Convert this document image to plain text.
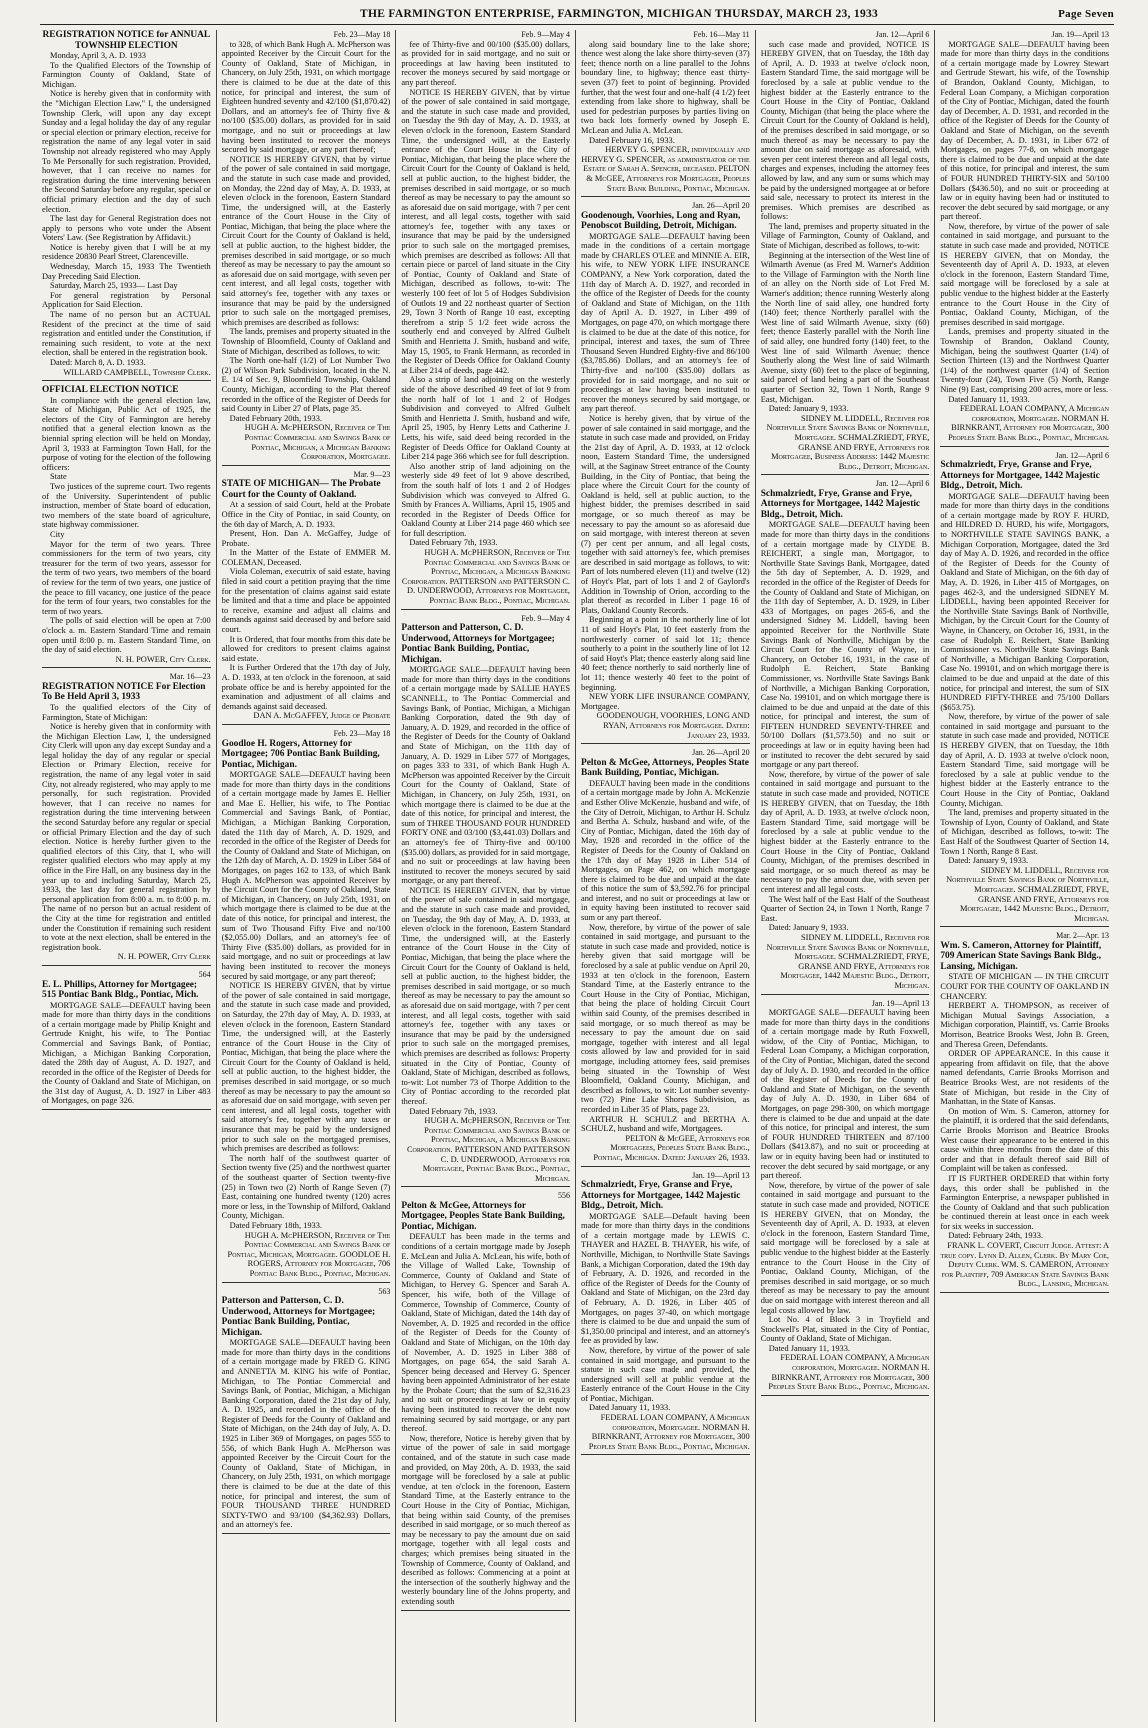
THE FARMINGTON ENTERPRISE, FARMINGTON, MICHIGAN THURSDAY, MARCH 23, 1933	Page Seven
REGISTRATION NOTICE for ANNUAL TOWNSHIP ELECTION

Monday, April 3, A. D. 1933

To the Qualified Electors of the Township of Farmington County of Oakland, State of Michigan.

Notice is hereby given that in conformity with the "Michigan Election Law," I, the undersigned Township Clerk, will upon any day except Sunday and a legal holiday the day of any regular or special election or primary election, receive for registration the name of any legal voter in said Township not already registered who may Apply To Me Personally for such registration. Provided, however, that I can receive no names for registration during the time intervening between the Second Saturday before any regular, special or official primary election and the day of such election.

The last day for General Registration does not apply to persons who vote under the Absent Voters' Law. (See Registration by Affidavit.)

Notice is hereby given that I will be at my residence 20830 Pearl Street, Clarenceville.

Wednesday, March 15, 1933 The Twentieth Day Preceding Said Election.

Saturday, March 25, 1933— Last Day

For general registration by Personal Application for Said Election.

The name of no person but an ACTUAL Resident of the precinct at the time of said registration and entitled under the Constitution, if remaining such resident, to vote at the next election, shall be entered in the registration book.

Dated: March 8, A. D. 1933.

WILLARD CAMPBELL, Township Clerk.

OFFICIAL ELECTION NOTICE

In compliance with the general election law, State of Michigan, Public Act of 1925, the electors of the City of Farmington are hereby notified that a general election known as the biennial spring election will be held on Monday, April 3, 1933 at Farmington Town Hall, for the purpose of voting for the election of the following officers:

State

Two justices of the supreme court. Two regents of the University. Superintendent of public instruction, member of State board of education, two members of the state board of agriculture, state highway commissioner.

City

Mayor for the term of two years. Three commissioners for the term of two years, city treasurer for the term of two years, assessor for the term of two years, two members of the board of review for the term of two years, one justice of the peace to fill vacancy, one justice of the peace for the term of four years, two constables for the term of two years.

The polls of said election will be open at 7:00 o'clock a. m. Eastern Standard Time and remain open until 8:00 p. m. Eastern Standard Time, on the day of said election.

N. H. POWER, City Clerk.

Mar. 16—23

REGISTRATION NOTICE For Election To Be Held April 3, 1933

To the qualified electors of the City of Farmington, State of Michigan:

Notice is hereby given that in conformity with the Michigan Election Law, I, the undersigned City Clerk will upon any day except Sunday and a legal holiday the day of any regular or special Election or Primary Election, receive for registration, the name of any legal voter in said City, not already registered, who may apply to me personally, for such registration. Provided however, that I can receive no names for registration during the time intervening between the second Saturday before any regular or special or official Primary Election and the day of such election. Notice is hereby further given to the qualified electors of this City, that I, who will register qualified electors who may apply at my office in the Fire Hall, on any business day in the year up to and including Saturday, March 25, 1933, the last day for general registration by personal application from 8:00 a. m. to 8:00 p. m. The name of no person but an actual resident of the City at the time for registration and entitled under the Constitution if remaining such resident to vote at the next election, shall be entered in the registration book.

N. H. POWER, City Clerk

564

E. L. Phillips, Attorney for Mortgagee; 515 Pontiac Bank Bldg., Pontiac, Mich.

MORTGAGE SALE—DEFAULT having been made for more than thirty days in the conditions of a certain mortgage made by Philip Knight and Gertrude Knight, his wife, to The Pontiac Commercial and Savings Bank, of Pontiac, Michigan, a Michigan Banking Corporation, dated the 28th day of August, A. D. 1927, and recorded in the office of the Register of Deeds for the County of Oakland and State of Michigan, on the 31st day of August, A. D. 1927 in Liber 483 of Mortgages, on page 326.

Feb. 23—May 18

to 328, of which Bank Hugh A. McPherson was appointed Receiver by the Circuit Court for the County of Oakland, State of Michigan, in Chancery, on July 25th, 1931, on which mortgage there is claimed to be due at the date of this notice, for principal and interest, the sum of Eighteen hundred seventy and 42/100 ($1,870.42) Dollars, and an attorney's fee of Thirty five & no/100 ($35.00) dollars, as provided for in said mortgage, and no suit or proceedings at law having been instituted to recover the moneys secured by said mortgage, or any part thereof;

NOTICE IS HEREBY GIVEN, that by virtue of the power of sale contained in said mortgage, and the statute in such case made and provided, on Monday, the 22nd day of May, A. D. 1933, at eleven o'clock in the forenoon, Eastern Standard Time, the undersigned will, at the Easterly entrance of the Court House in the City of Pontiac, Michigan, that being the place where the Circuit Court for the County of Oakland is held, sell at public auction, to the highest bidder, the premises described in said mortgage, or so much thereof as may be necessary to pay the amount so as aforesaid due on said mortgage, with seven per cent interest, and all legal costs, together with said attorney's fee, together with any taxes or insurance that may be paid by the undersigned prior to such sale on the mortgaged premises, which premises are described as follows:

The lands, premises and property situated in the Township of Bloomfield, County of Oakland and State of Michigan, described as follows, to wit:

The North one-half (1/2) of Lot Number Two (2) of Wilson Park Subdivision, located in the N. E. 1/4 of Sec. 9, Bloomfield Township, Oakland County, Michigan, according to the Plat thereof recorded in the office of the Register of Deeds for said County in Liber 27 of Plats, page 35.

Dated February 20th, 1933.

HUGH A. McPHERSON, Receiver of The Pontiac Commercial and Savings Bank of Pontiac, Michigan, a Michigan Banking Corporation, Mortgagee.

Mar. 9—23

STATE OF MICHIGAN— The Probate Court for the County of Oakland.

At a session of said Court, held at the Probate Office in the City of Pontiac, in said County, on the 6th day of March, A. D. 1933.

Present, Hon. Dan A. McGaffey, Judge of Probate.

In the Matter of the Estate of EMMER M. COLEMAN, Deceased.

Viola Coleman, executrix of said estate, having filed in said court a petition praying that the time for the presentation of claims against said estate be limited and that a time and place be appointed to receive, examine and adjust all claims and demands against said deceased by and before said court.

It is Ordered, that four months from this date be allowed for creditors to present claims against said estate.

It is Further Ordered that the 17th day of July, A. D. 1933, at ten o'clock in the forenoon, at said probate office be and is hereby appointed for the examination and adjustment of all claims and demands against said deceased.

DAN A. McGAFFEY, Judge of Probate

Feb. 23—May 18

Goodloe H. Rogers, Attorney for Mortgagee; 706 Pontiac Bank Building, Pontiac, Michigan.

MORTGAGE SALE—DEFAULT having been made for more than thirty days in the conditions of a certain mortgage made by James E. Hellier and Mae E. Hellier, his wife, to The Pontiac Commercial and Savings Bank, of Pontiac, Michigan, a Michigan Banking Corporation, dated the 11th day of March, A. D. 1929, and recorded in the office of the Register of Deeds for the County of Oakland and State of Michigan, on the 12th day of March, A. D. 1929 in Liber 584 of Mortgages, on pages 162 to 133, of which Bank Hugh A. McPherson was appointed Receiver by the Circuit Court for the County of Oakland, State of Michigan, in Chancery, on July 25th, 1931, on which mortgage there is claimed to be due at the date of this notice, for principal and interest, the sum of Two Thousand Fifty Five and no/100 ($2,055.00) Dollars, and an attorney's fee of Thirty Five ($35.00) dollars, as provided for in said mortgage, and no suit or proceedings at law having been instituted to recover the moneys secured by said mortgage, or any part thereof;

NOTICE IS HEREBY GIVEN, that by virtue of the power of sale contained in said mortgage, and the statute in such case made and provided, on Saturday, the 27th day of May, A. D. 1933, at eleven o'clock in the forenoon, Eastern Standard Time, the undersigned will, at the Easterly entrance of the Court House in the City of Pontiac, Michigan, that being the place where the Circuit Court for the County of Oakland is held, sell at public auction, to the highest bidder, the premises described in said mortgage, or so much thereof as may be necessary to pay the amount so as aforesaid due on said mortgage, with seven per cent interest, and all legal costs, together with said attorney's fee, together with any taxes or insurance that may be paid by the undersigned prior to such sale on the mortgaged premises, which premises are described as follows:

The north half of the southwest quarter of Section twenty five (25) and the northwest quarter of the southeast quarter of Section twenty-five (25) in Town two (2) North of Range Seven (7) East, containing one hundred twenty (120) acres more or less, in the Township of Milford, Oakland County, Michigan.

Dated February 18th, 1933.

HUGH A. McPHERSON, Receiver of The Pontiac Commercial and Savings Bank of Pontiac, Michigan, Mortgagee. GOODLOE H. ROGERS, Attorney for Mortgagee, 706 Pontiac Bank Bldg., Pontiac, Michigan.

563

Patterson and Patterson, C. D. Underwood, Attorneys for Mortgagee; Pontiac Bank Building, Pontiac, Michigan.

MORTGAGE SALE—DEFAULT having been made for more than thirty days in the conditions of a certain mortgage made by FRED G. KING and ANNETTA M. KING his wife of Pontiac, Michigan, to The Pontiac Commercial and Savings Bank, of Pontiac, Michigan, a Michigan Banking Corporation, dated the 21st day of July, A. D. 1925, and recorded in the office of the Register of Deeds for the County of Oakland and State of Michigan, on the 24th day of July, A. D. 1925 in Liber 369 of Mortgages, on pages 555 to 556, of which Bank Hugh A. McPherson was appointed Receiver by the Circuit Court for the County of Oakland, State of Michigan, in Chancery, on July 25th, 1931, on which mortgage there is claimed to be due at the date of this notice, for principal and interest, the sum of FOUR THOUSAND THREE HUNDRED SIXTY-TWO and 93/100 ($4,362.93) Dollars, and an attorney's fee.

Feb. 9—May 4

fee of Thirty-five and 00/100 ($35.00) dollars, as provided for in said mortgage, and no suit or proceedings at law having been instituted to recover the moneys secured by said mortgage or any part thereof.

NOTICE IS HEREBY GIVEN, that by virtue of the power of sale contained in said mortgage, and the statute in such case made and provided, on Tuesday the 9th day of May, A. D. 1933, at eleven o'clock in the forenoon, Eastern Standard Time, the undersigned will, at the Easterly entrance of the Court House in the City of Pontiac, Michigan, that being the place where the Circuit Court for the County of Oakland is held, sell at public auction, to the highest bidder, the premises described in said mortgage, or so much thereof as may be necessary to pay the amount so as aforesaid due on said mortgage, with 7 per cent interest, and all legal costs, together with said attorney's fee, together with any taxes or insurance that may be paid by the undersigned prior to such sale on the mortgaged premises, which premises are described as follows: All that certain piece or parcel of land situate in the City of Pontiac, County of Oakland and State of Michigan, described as follows, to-wit: The westerly 100 feet of lot 5 of Hodges Subdivision of Outlots 19 and 22 northeast quarter of Section 29, Town 3 North of Range 10 east, excepting therefrom a strip 5 1/2 feet wide across the southerly end and conveyed by Alfred Gulbelt Smith and Henrietta J. Smith, husband and wife, May 15, 1905, to Frank Hermann, as recorded in the Register of Deeds Office for Oakland County at Liber 214 of deeds, page 442.

Also a strip of land adjoining on the westerly side of the above described 49 feet of lot 9 from the north half of lot 1 and 2 of Hodges Subdivision and conveyed to Alfred Gulbelt Smith and Henrietta J. Smith, husband and wife, April 25, 1905, by Henry Letts and Catherine J. Letts, his wife, said deed being recorded in the Register of Deeds Office for Oakland County at Liber 214 page 366 which see for full description.

Also another strip of land adjoining on the westerly side 49 feet of lot 9 above described, from the south half of lots 1 and 2 of Hodges Subdivision which was conveyed to Alfred G. Smith by Frances A. Williams, April 15, 1905 and recorded in the Register of Deeds Office for Oakland County at Liber 214 page 460 which see for full description.

Dated February 7th, 1933.

HUGH A. McPHERSON, Receiver of The Pontiac Commercial and Savings Bank of Pontiac, Michigan, a Michigan Banking Corporation. PATTERSON and PATTERSON C. D. UNDERWOOD, Attorneys for Mortgagee, Pontiac Bank Bldg., Pontiac, Michigan.

Feb. 9—May 4

Patterson and Patterson, C. D. Underwood, Attorneys for Mortgagee; Pontiac Bank Building, Pontiac, Michigan.

MORTGAGE SALE—DEFAULT having been made for more than thirty days in the conditions of a certain mortgage made by SALLIE HAYES SCANNELL, to The Pontiac Commercial and Savings Bank, of Pontiac, Michigan, a Michigan Banking Corporation, dated the 9th day of January, A. D. 1929, and recorded in the office of the Register of Deeds for the County of Oakland and State of Michigan, on the 11th day of January, A. D. 1929 in Liber 577 of Mortgages, on pages 333 to 331, of which Bank Hugh A. McPherson was appointed Receiver by the Circuit Court for the County of Oakland, State of Michigan, in Chancery, on July 25th, 1931, on which mortgage there is claimed to be due at the date of this notice, for principal and interest, the sum of THREE THOUSAND FOUR HUNDRED FORTY ONE and 03/100 ($3,441.03) Dollars and an attorney's fee of Thirty-five and 00/100 ($35.00) dollars, as provided for in said mortgage, and no suit or proceedings at law having been instituted to recover the moneys secured by said mortgage, or any part thereof.

NOTICE IS HEREBY GIVEN, that by virtue of the power of sale contained in said mortgage, and the statute in such case made and provided, on Tuesday, the 9th day of May, A. D. 1933, at eleven o'clock in the forenoon, Eastern Standard Time, the undersigned will, at the Easterly entrance of the Court House in the City of Pontiac, Michigan, that being the place where the Circuit Court for the County of Oakland is held, sell at public auction, to the highest bidder, the premises described in said mortgage, or so much thereof as may be necessary to pay the amount so as aforesaid due on said mortgage, with 7 per cent interest, and all legal costs, together with said attorney's fee, together with any taxes or insurance that may be paid by the undersigned prior to such sale on the mortgaged premises, which premises are described as follows: Property situated in the City of Pontiac, County of Oakland, State of Michigan, described as follows, to-wit: Lot number 73 of Thorpe Addition to the City of Pontiac according to the recorded plat thereof.

Dated February 7th, 1933.

HUGH A. McPHERSON, Receiver of The Pontiac Commercial and Savings Bank of Pontiac, Michigan, a Michigan Banking Corporation. PATTERSON AND PATTERSON C. D. UNDERWOOD, Attorneys for Mortgagee, Pontiac Bank Bldg., Pontiac, Michigan.

556

Pelton & McGee, Attorneys for Mortgagee, Peoples State Bank Building, Pontiac, Michigan.

DEFAULT has been made in the terms and conditions of a certain mortgage made by Joseph E. McLean and Julia A. McLean, his wife, both of the Village of Walled Lake, Township of Commerce, County of Oakland and State of Michigan, to Hervey G. Spencer and Sarah A. Spencer, his wife, both of the Village of Commerce, Township of Commerce, County of Oakland, State of Michigan, dated the 14th day of November, A. D. 1925 and recorded in the office of the Register of Deeds for the County of Oakland and State of Michigan, on the 10th day of November, A. D. 1925 in Liber 388 of Mortgages, on page 654, the said Sarah A. Spencer being deceased and Hervey G. Spencer having been appointed Administrator of her estate by the Probate Court; that the sum of $2,316.23 and no suit or proceedings at law or in equity having been instituted to recover the debt now remaining secured by said mortgage, or any part thereof.

Now, therefore, Notice is hereby given that by virtue of the power of sale in said mortgage contained, and of the statute in such case made and provided, on May 20th, A. D. 1933, the said mortgage will be foreclosed by a sale at public vendue, at ten o'clock in the forenoon, Eastern Standard Time, at the Easterly entrance to the Court House in the City of Pontiac, Michigan, that being within said County, of the premises described in said mortgage, or so much thereof as may be necessary to pay the amount due on said mortgage, together with all legal costs and charges; which premises being situated in the Township of Commerce, County of Oakland, and described as follows: Commencing at a point at the intersection of the southerly highway and the westerly boundary line of the Johns property, and extending south

Feb. 16—May 11

along said boundary line to the lake shore; thence west along the lake shore thirty-seven (37) feet; thence north on a line parallel to the Johns boundary line, to highway; thence east thirty-seven (37) feet to point of beginning. Provided further, that the west four and one-half (4 1/2) feet extending from lake shore to highway, shall be used for pedestrian purposes by parties living on two back lots formerly owned by Joseph E. McLean and Julia A. McLean.

Dated February 16, 1933.

HERVEY G. SPENCER, individually and HERVEY G. SPENCER, as administrator of the Estate of Sarah A. Spencer, deceased. PELTON & McGEE, Attorneys for Mortgagee, Peoples State Bank Building, Pontiac, Michigan.

Jan. 26—April 20

Goodenough, Voorhies, Long and Ryan, Penobscot Building, Detroit, Michigan.

MORTGAGE SALE—DEFAULT having been made in the conditions of a certain mortgage made by CHARLES O'LEE and MINNIE A. EIR, his wife, to NEW YORK LIFE INSURANCE COMPANY, a New York corporation, dated the 11th day of March A. D. 1927, and recorded in the office of the Register of Deeds for the county of Oakland and State of Michigan, on the 11th day of April A. D. 1927, in Liber 499 of Mortgages, on page 470, on which mortgage there is claimed to be due at the date of this notice, for principal, interest and taxes, the sum of Three Thousand Seven Hundred Eighty-five and 86/100 ($3,785.86) Dollars, and an attorney's fee of Thirty-five and no/100 ($35.00) dollars as provided for in said mortgage, and no suit or proceedings at law having been instituted to recover the moneys secured by said mortgage, or any part thereof.

Notice is hereby given, that by virtue of the power of sale contained in said mortgage, and the statute in such case made and provided, on Friday the 21st day of April, A. D. 1933, at 12 o'clock noon, Eastern Standard Time, the undersigned will, at the Saginaw Street entrance of the County Building, in the City of Pontiac, that being the place where the Circuit Court for the county of Oakland is held, sell at public auction, to the highest bidder, the premises described in said mortgage, or so much thereof as may be necessary to pay the amount so as aforesaid due on said mortgage, with interest thereon at seven (7) per cent per annum, and all legal costs, together with said attorney's fee, which premises are described in said mortgage as follows, to wit: Part of lots numbered eleven (11) and twelve (12) of Hoyt's Plat, part of lots 1 and 2 of Gaylord's Addition in Township of Orion, according to the plat thereof as recorded in Liber 1 page 16 of Plats, Oakland County Records.

Beginning at a point in the northerly line of lot 11 of said Hoyt's Plat, 10 feet easterly from the northwesterly corner of said lot 11; thence southerly to a point in the southerly line of lot 12 of said Hoyt's Plat; thence easterly along said line 40 feet; thence northerly to said northerly line of lot 11; thence westerly 40 feet to the point of beginning.

NEW YORK LIFE INSURANCE COMPANY, Mortgagee.

GOODENOUGH, VOORHIES, LONG AND RYAN, Attorneys for Mortgagee. Dated: January 23, 1933.

Jan. 26—April 20

Pelton & McGee, Attorneys, Peoples State Bank Building, Pontiac, Michigan.

DEFAULT having been made in the conditions of a certain mortgage made by John A. McKenzie and Esther Olive McKenzie, husband and wife, of the City of Detroit, Michigan, to Arthur H. Schulz and Bertha A. Schulz, husband and wife, of the City of Pontiac, Michigan, dated the 16th day of May, 1928 and recorded in the office of the Register of Deeds for the County of Oakland on the 17th day of May 1928 in Liber 514 of Mortgages, on Page 462, on which mortgage there is claimed to be due and unpaid at the date of this notice the sum of $3,592.76 for principal and interest, and no suit or proceedings at law or in equity having been instituted to recover said sum or any part thereof.

Now, therefore, by virtue of the power of sale contained in said mortgage, and pursuant to the statute in such case made and provided, notice is hereby given that said mortgage will be foreclosed by a sale at public vendue on April 20, 1933 at ten o'clock in the forenoon, Eastern Standard Time, at the Easterly entrance to the Court House in the City of Pontiac, Michigan, that being the place of holding Circuit Court within said County, of the premises described in said mortgage, or so much thereof as may be necessary to pay the amount due on said mortgage, together with interest and all legal costs allowed by law and provided for in said mortgage, including attorney fees, said premises being situated in the Township of West Bloomfield, Oakland County, Michigan, and described as follows, to wit: Lot number seventy-two (72) Pine Lake Shores Subdivision, as recorded in Liber 35 of Plats, page 23.

ARTHUR H. SCHULZ and BERTHA A. SCHULZ, husband and wife, Mortgagees.

PELTON & McGEE, Attorneys for Mortgagees, Peoples State Bank Bldg., Pontiac, Michigan. Dated: January 26, 1933.

Jan. 19—April 13

Schmalzriedt, Frye, Granse and Frye, Attorneys for Mortgagee, 1442 Majestic Bldg., Detroit, Mich.

MORTGAGE SALE—Default having been made for more than thirty days in the conditions of a certain mortgage made by LEWIS C. THAYER and HAZEL B. THAYER, his wife, of Northville, Michigan, to Northville State Savings Bank, a Michigan Corporation, dated the 19th day of February, A. D. 1926, and recorded in the office of the Register of Deeds for the County of Oakland and State of Michigan, on the 23rd day of February, A. D. 1926, in Liber 405 of Mortgages, on pages 37-40, on which mortgage there is claimed to be due and unpaid the sum of $1,350.00 principal and interest, and an attorney's fee as provided by law.

Now, therefore, by virtue of the power of sale contained in said mortgage, and pursuant to the statute in such case made and provided, the undersigned will sell at public vendue at the Easterly entrance of the Court House in the City of Pontiac, Michigan.

Dated January 11, 1933.

FEDERAL LOAN COMPANY, A Michigan corporation, Mortgagee. NORMAN H. BIRNKRANT, Attorney for Mortgagee, 300 Peoples State Bank Bldg., Pontiac, Michigan.

Jan. 12—April 6

such case made and provided, NOTICE IS HEREBY GIVEN, that on Tuesday, the 18th day of April, A. D. 1933 at twelve o'clock noon, Eastern Standard Time, the said mortgage will be foreclosed by a sale at public vendue to the highest bidder at the Easterly entrance to the Court House in the City of Pontiac, Oakland County, Michigan (that being the place where the Circuit Court for the County of Oakland is held), of the premises described in said mortgage, or so much thereof as may be necessary to pay the amount due on said mortgage as aforesaid, with seven per cent interest thereon and all legal costs, charges and expenses, including the attorney fees allowed by law, and any sum or sums which may be paid by the undersigned mortgagee at or before said sale, necessary to protect its interest in the premises. Which premises are described as follows:

The land, premises and property situated in the Village of Farmington, County of Oakland, and State of Michigan, described as follows, to-wit:

Beginning at the intersection of the West line of Wilmarth Avenue (as Fred M. Warner's Addition to the Village of Farmington with the North line of an alley on the North side of Lot Fred M. Warner's addition; thence running Westerly along the North line of said alley, one hundred forty (140) feet; thence Northerly parallel with the West line of said Wilmarth Avenue, sixty (60) feet; thence Easterly parallel with the North line of said alley, one hundred forty (140) feet, to the West line of said Wilmarth Avenue; thence Southerly along the West line of said Wilmarth Avenue, sixty (60) feet to the place of beginning, said parcel of land being a part of the Southeast quarter of Section 32, Town 1 North, Range 9 East, Michigan.

Dated: January 9, 1933.

SIDNEY M. LIDDELL, Receiver for Northville State Savings Bank of Northville, Mortgagee. SCHMALZRIEDT, FRYE, GRANSE AND FRYE, Attorneys for Mortgagee, Business Address: 1442 Majestic Bldg., Detroit, Michigan.

Jan. 12—April 6

Schmalzriedt, Frye, Granse and Frye, Attorneys for Mortgagee, 1442 Majestic Bldg., Detroit, Mich.

MORTGAGE SALE—DEFAULT having been made for more than thirty days in the conditions of a certain mortgage made by CLYDE B. REICHERT, a single man, Mortgagor, to Northville State Savings Bank, Mortgagee, dated the 5th day of September, A. D. 1929, and recorded in the office of the Register of Deeds for the County of Oakland and State of Michigan, on the 11th day of September, A. D. 1929, in Liber 433 of Mortgages, on pages 265-6, and the undersigned Sidney M. Liddell, having been appointed Receiver for the Northville State Savings Bank of Northville, Michigan by the Circuit Court for the County of Wayne, in Chancery, on October 16, 1931, in the case of Rudolph E. Reichert, State Banking Commissioner, vs. Northville State Savings Bank of Northville, a Michigan Banking Corporation, Case No. 199101, and on which mortgage there is claimed to be due and unpaid at the date of this notice, for principal and interest, the sum of FIFTEEN HUNDRED SEVENTY-THREE and 50/100 Dollars ($1,573.50) and no suit or proceedings at law or in equity having been had or instituted to recover the debt secured by said mortgage or any part thereof.

Now, therefore, by virtue of the power of sale contained in said mortgage and pursuant to the statute in such case made and provided, NOTICE IS HEREBY GIVEN, that on Tuesday, the 18th day of April, A. D. 1933, at twelve o'clock noon, Eastern Standard Time, said mortgage will be foreclosed by a sale at public vendue to the highest bidder at the Easterly entrance to the Court House in the City of Pontiac, Oakland County, Michigan, of the premises described in said mortgage, or so much thereof as may be necessary to pay the amount due, with seven per cent interest and all legal costs.

The West half of the East Half of the Southeast Quarter of Section 24, in Town 1 North, Range 7 East.

Dated: January 9, 1933.

SIDNEY M. LIDDELL, Receiver for Northville State Savings Bank of Northville, Mortgagee. SCHMALZRIEDT, FRYE, GRANSE AND FRYE, Attorneys for Mortgagee, 1442 Majestic Bldg., Detroit, Michigan.

Jan. 19—April 13

MORTGAGE SALE—DEFAULT having been made for more than thirty days in the conditions of a certain mortgage made by Ruth Foxwell, widow, of the City of Pontiac, Michigan, to Federal Loan Company, a Michigan corporation, of the City of Pontiac, Michigan, dated the second day of July A. D. 1930, and recorded in the office of the Register of Deeds for the County of Oakland and State of Michigan, on the seventh day of July A. D. 1930, in Liber 684 of Mortgages, on page 298-300, on which mortgage there is claimed to be due and unpaid at the date of this notice, for principal and interest, the sum of FOUR HUNDRED THIRTEEN and 87/100 Dollars ($413.87), and no suit or proceeding at law or in equity having been had or instituted to recover the debt secured by said mortgage, or any part thereof.

Now, therefore, by virtue of the power of sale contained in said mortgage and pursuant to the statute in such case made and provided, NOTICE IS HEREBY GIVEN, that on Monday, the Seventeenth day of April, A. D. 1933, at eleven o'clock in the forenoon, Eastern Standard Time, said mortgage will be foreclosed by a sale at public vendue to the highest bidder at the Easterly entrance to the Court House in the City of Pontiac, Oakland County, Michigan, of the premises described in said mortgage, or so much thereof as may be necessary to pay the amount due on said mortgage with interest thereon and all legal costs allowed by law.

Lot No. 4 of Block 3 in Troyfield and Stockwell's Plat, situated in the City of Pontiac, County of Oakland, State of Michigan.

Dated January 11, 1933.

FEDERAL LOAN COMPANY, A Michigan corporation, Mortgagee. NORMAN H. BIRNKRANT, Attorney for Mortgagee, 300 Peoples State Bank Bldg., Pontiac, Michigan.

Jan. 19—April 13

MORTGAGE SALE—DEFAULT having been made for more than thirty days in the conditions of a certain mortgage made by Lowrey Stewart and Gertrude Stewart, his wife, of the Township of Brandon, Oakland County, Michigan, to Federal Loan Company, a Michigan corporation of the City of Pontiac, Michigan, dated the fourth day of December, A. D. 1931, and recorded in the office of the Register of Deeds for the County of Oakland and State of Michigan, on the seventh day of December, A. D. 1931, in Liber 672 of Mortgages, on pages 77-8, on which mortgage there is claimed to be due and unpaid at the date of this notice, for principal and interest, the sum of FOUR HUNDRED THIRTY-SIX and 50/100 Dollars ($436.50), and no suit or proceeding at law or in equity having been had or instituted to recover the debt secured by said mortgage, or any part thereof.

Now, therefore, by virtue of the power of sale contained in said mortgage, and pursuant to the statute in such case made and provided, NOTICE IS HEREBY GIVEN, that on Monday, the Seventeenth day of April A. D. 1933, at eleven o'clock in the forenoon, Eastern Standard Time, said mortgage will be foreclosed by a sale at public vendue to the highest bidder at the Easterly entrance to the Court House in the City of Pontiac, Oakland County, Michigan, of the premises described in said mortgage.

Lands, premises and property situated in the Township of Brandon, Oakland County, Michigan, being the southwest Quarter (1/4) of Section Thirteen (13) and the Northwest Quarter (1/4) of the northwest quarter (1/4) of Section Twenty-four (24), Town Five (5) North, Range Nine (9) East, comprising 200 acres, more or less.

Dated January 11, 1933.

FEDERAL LOAN COMPANY, A Michigan corporation, Mortgagee. NORMAN H. BIRNKRANT, Attorney for Mortgagee, 300 Peoples State Bank Bldg., Pontiac, Michigan.

Jan. 12—April 6

Schmalzriedt, Frye, Granse and Frye, Attorneys for Mortgagee, 1442 Majestic Bldg., Detroit, Mich.

MORTGAGE SALE—DEFAULT having been made for more than thirty days in the conditions of a certain mortgage made by ROY F. HURD, and HILDRED D. HURD, his wife, Mortgagors, to NORTHVILLE STATE SAVINGS BANK, a Michigan Corporation, Mortgagee, dated the 3rd day of May A. D. 1926, and recorded in the office of the Register of Deeds for the County of Oakland and State of Michigan, on the 6th day of May, A. D. 1926, in Liber 415 of Mortgages, on pages 462-3, and the undersigned SIDNEY M. LIDDELL, having been appointed Receiver for the Northville State Savings Bank of Northville, Michigan, by the Circuit Court for the County of Wayne, in Chancery, on October 16, 1931, in the case of Rudolph E. Reichert, State Banking Commissioner vs. Northville State Savings Bank of Northville, a Michigan Banking Corporation, Case No. 199101, and on which mortgage there is claimed to be due and unpaid at the date of this notice, for principal and interest, the sum of SIX HUNDRED FIFTY-THREE and 75/100 Dollars ($653.75).

Now, therefore, by virtue of the power of sale contained in said mortgage and pursuant to the statute in such case made and provided, NOTICE IS HEREBY GIVEN, that on Tuesday, the 18th day of April, A. D. 1933 at twelve o'clock noon, Eastern Standard Time, said mortgage will be foreclosed by a sale at public vendue to the highest bidder at the Easterly entrance to the Court House in the City of Pontiac, Oakland County, Michigan.

The land, premises and property situated in the Township of Lyon, County of Oakland, and State of Michigan, described as follows, to-wit: The East Half of the Southwest Quarter of Section 14, Town 1 North, Range 8 East.

Dated: January 9, 1933.

SIDNEY M. LIDDELL, Receiver for Northville State Savings Bank of Northville, Mortgagee. SCHMALZRIEDT, FRYE, GRANSE AND FRYE, Attorneys for Mortgagee, 1442 Majestic Bldg., Detroit, Michigan.

Mar. 2—Apr. 13

Wm. S. Cameron, Attorney for Plaintiff, 709 American State Savings Bank Bldg., Lansing, Michigan.

STATE OF MICHIGAN — IN THE CIRCUIT COURT FOR THE COUNTY OF OAKLAND IN CHANCERY.

HERBERT A. THOMPSON, as receiver of Michigan Mutual Savings Association, a Michigan corporation, Plaintiff, vs. Carrie Brooks Morrison, Beatrice Brooks West, John B. Green, and Theresa Green, Defendants.

ORDER OF APPEARANCE. In this cause it appearing from affidavit on file, that the above named defendants, Carrie Brooks Morrison and Beatrice Brooks West, are not residents of the State of Michigan, but reside in the City of Manhattan, in the State of Kansas.

On motion of Wm. S. Cameron, attorney for the plaintiff, it is ordered that the said defendants, Carrie Brooks Morrison and Beatrice Brooks West cause their appearance to be entered in this cause within three months from the date of this order and that in default thereof said Bill of Complaint will be taken as confessed.

IT IS FURTHER ORDERED that within forty days, this order shall be published in the Farmington Enterprise, a newspaper published in the County of Oakland and that such publication be continued therein at least once in each week for six weeks in succession.

Dated: February 24th, 1933.

FRANK L. COVERT, Circuit Judge. Attest: A true copy. Lynn D. Allen, Clerk. By Mary Coe, Deputy Clerk. WM. S. CAMERON, Attorney for Plaintiff, 709 American State Savings Bank Bldg., Lansing, Michigan.
